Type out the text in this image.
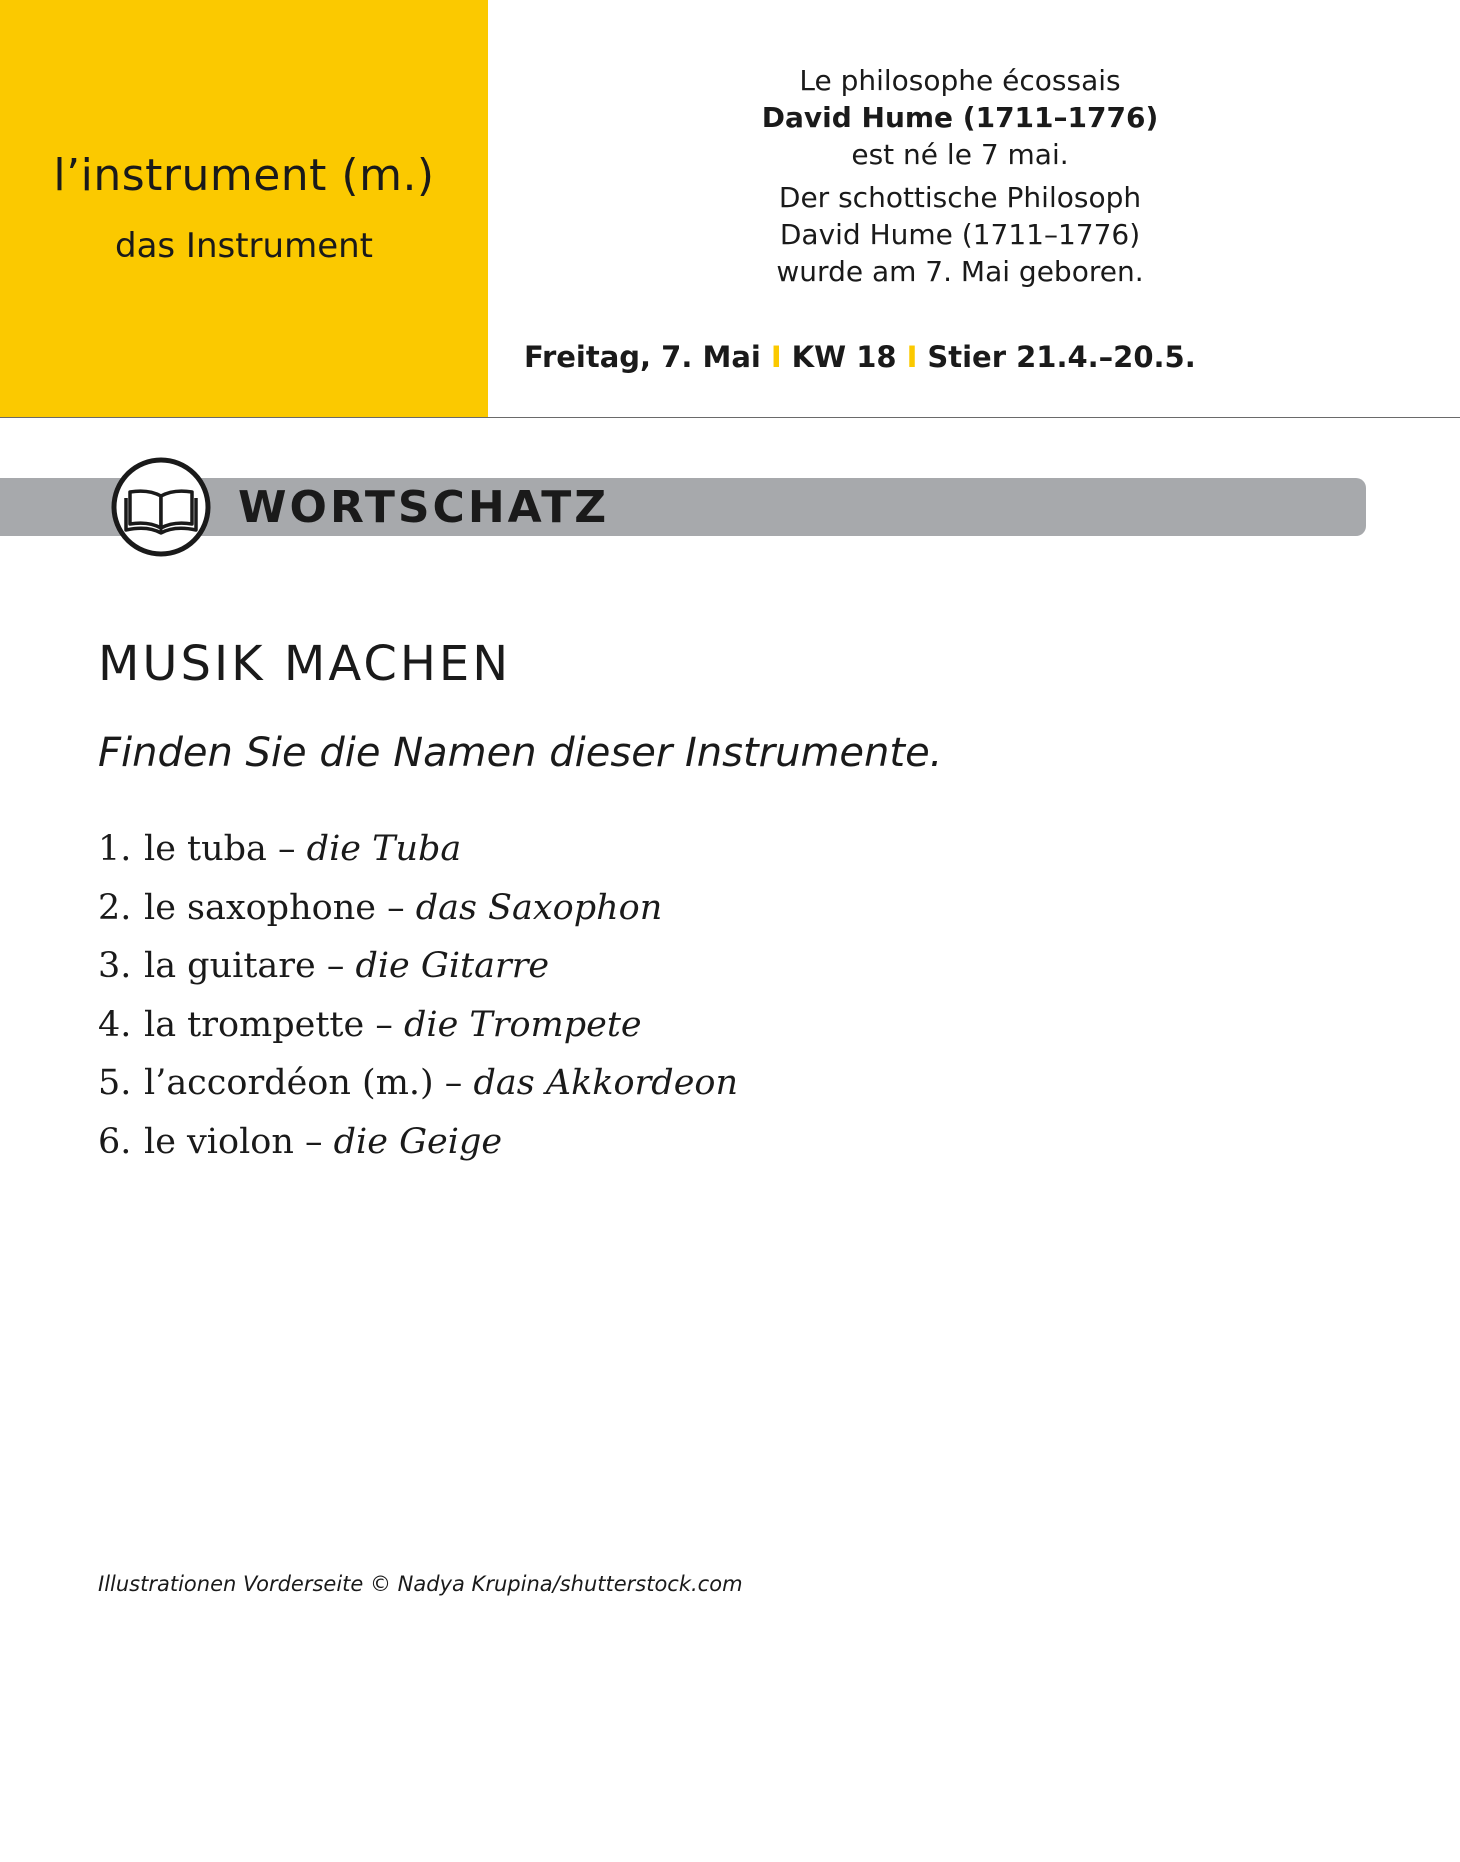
l’instrument (m.)
das Instrument
Le philosophe écossais
David Hume (1711–1776)
est né le 7 mai.
Der schottische Philosoph
David Hume (1711–1776)
wurde am 7. Mai geboren.
Freitag, 7. Mai I KW 18 I Stier 21.4.–20.5.
WORTSCHATZ
MUSIK MACHEN
Finden Sie die Namen dieser Instrumente.
1. le tuba – die Tuba
2. le saxophone – das Saxophon
3. la guitare – die Gitarre
4. la trompette – die Trompete
5. l’accordéon (m.) – das Akkordeon
6. le violon – die Geige
Illustrationen Vorderseite © Nadya Krupina/shutterstock.com
